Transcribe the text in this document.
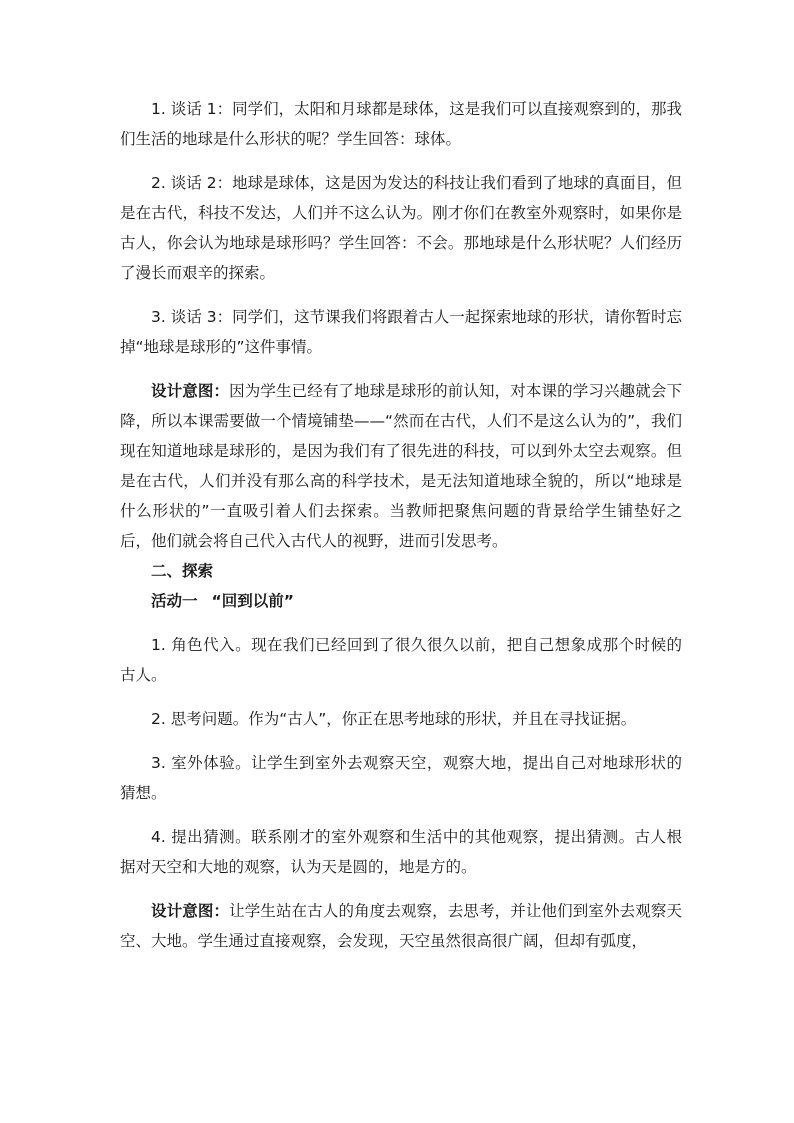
1. 谈话 1：同学们，太阳和月球都是球体，这是我们可以直接观察到的，那我们生活的地球是什么形状的呢？学生回答：球体。

2. 谈话 2：地球是球体，这是因为发达的科技让我们看到了地球的真面目，但是在古代，科技不发达，人们并不这么认为。刚才你们在教室外观察时，如果你是古人，你会认为地球是球形吗？学生回答：不会。那地球是什么形状呢？人们经历了漫长而艰辛的探索。

3. 谈话 3：同学们，这节课我们将跟着古人一起探索地球的形状，请你暂时忘掉“地球是球形的”这件事情。

设计意图：因为学生已经有了地球是球形的前认知，对本课的学习兴趣就会下降，所以本课需要做一个情境铺垫——“然而在古代，人们不是这么认为的”，我们现在知道地球是球形的，是因为我们有了很先进的科技，可以到外太空去观察。但是在古代，人们并没有那么高的科学技术，是无法知道地球全貌的，所以“地球是什么形状的”一直吸引着人们去探索。当教师把聚焦问题的背景给学生铺垫好之后，他们就会将自己代入古代人的视野，进而引发思考。

二、探索

活动一 “回到以前”

1. 角色代入。现在我们已经回到了很久很久以前，把自己想象成那个时候的古人。

2. 思考问题。作为“古人”，你正在思考地球的形状，并且在寻找证据。

3. 室外体验。让学生到室外去观察天空，观察大地，提出自己对地球形状的猜想。

4. 提出猜测。联系刚才的室外观察和生活中的其他观察，提出猜测。古人根据对天空和大地的观察，认为天是圆的，地是方的。

设计意图：让学生站在古人的角度去观察，去思考，并让他们到室外去观察天空、大地。学生通过直接观察，会发现，天空虽然很高很广阔，但却有弧度，
